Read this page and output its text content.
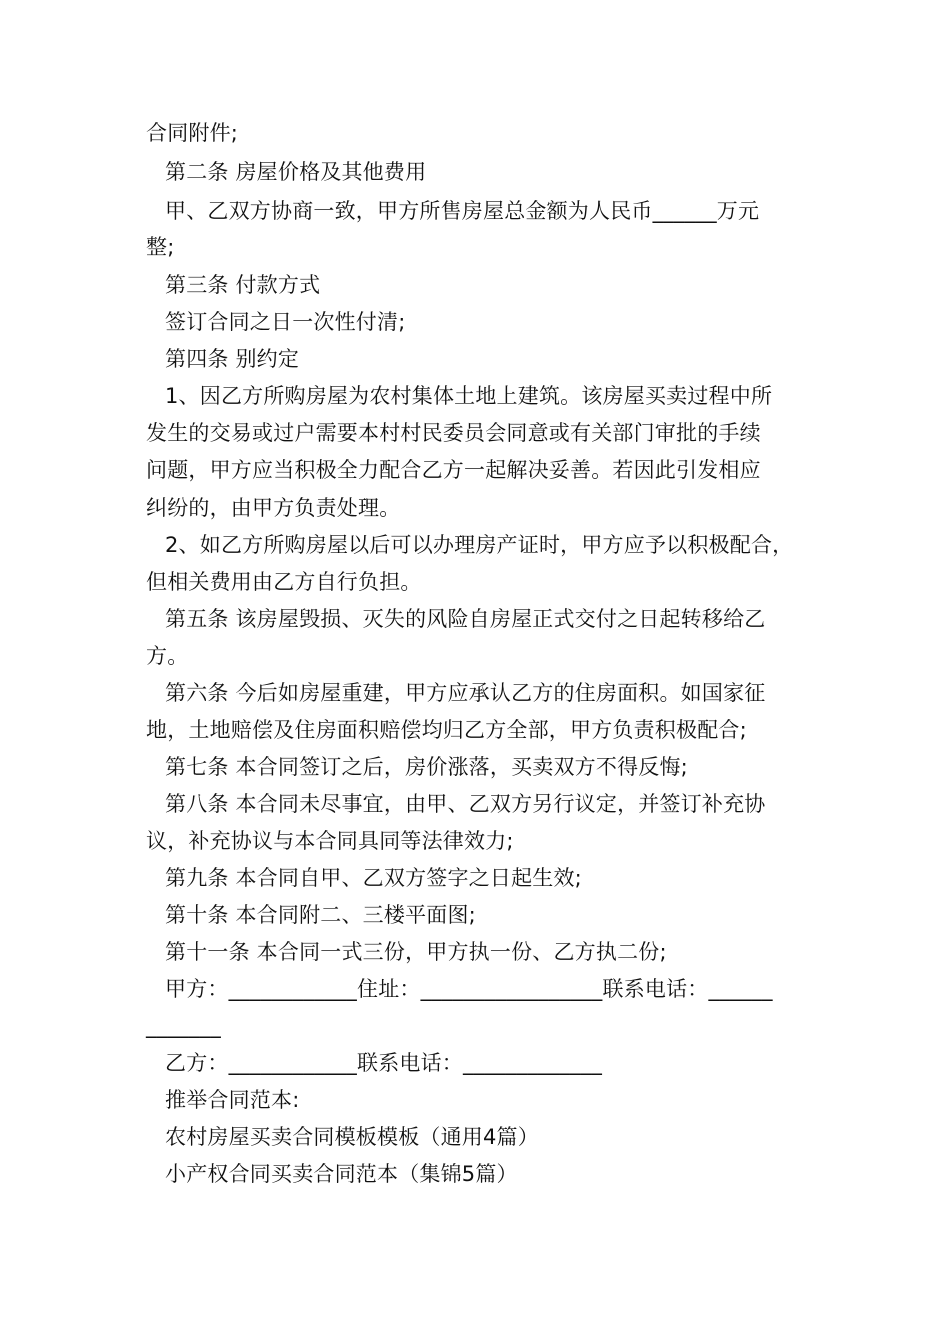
合同附件;
第二条 房屋价格及其他费用
甲、乙双方协商一致，甲方所售房屋总金额为人民币______万元
整;
第三条 付款方式
签订合同之日一次性付清;
第四条 别约定
1、因乙方所购房屋为农村集体土地上建筑。该房屋买卖过程中所
发生的交易或过户需要本村村民委员会同意或有关部门审批的手续
问题，甲方应当积极全力配合乙方一起解决妥善。若因此引发相应
纠纷的，由甲方负责处理。
2、如乙方所购房屋以后可以办理房产证时，甲方应予以积极配合，
但相关费用由乙方自行负担。
第五条 该房屋毁损、灭失的风险自房屋正式交付之日起转移给乙
方。
第六条 今后如房屋重建，甲方应承认乙方的住房面积。如国家征
地，土地赔偿及住房面积赔偿均归乙方全部，甲方负责积极配合;
第七条 本合同签订之后，房价涨落，买卖双方不得反悔;
第八条 本合同未尽事宜，由甲、乙双方另行议定，并签订补充协
议，补充协议与本合同具同等法律效力;
第九条 本合同自甲、乙双方签字之日起生效;
第十条 本合同附二、三楼平面图;
第十一条 本合同一式三份，甲方执一份、乙方执二份;
甲方：____________住址：_________________联系电话：______
_______
乙方：____________联系电话：_____________
推举合同范本:
农村房屋买卖合同模板模板（通用4篇）
小产权合同买卖合同范本（集锦5篇）
